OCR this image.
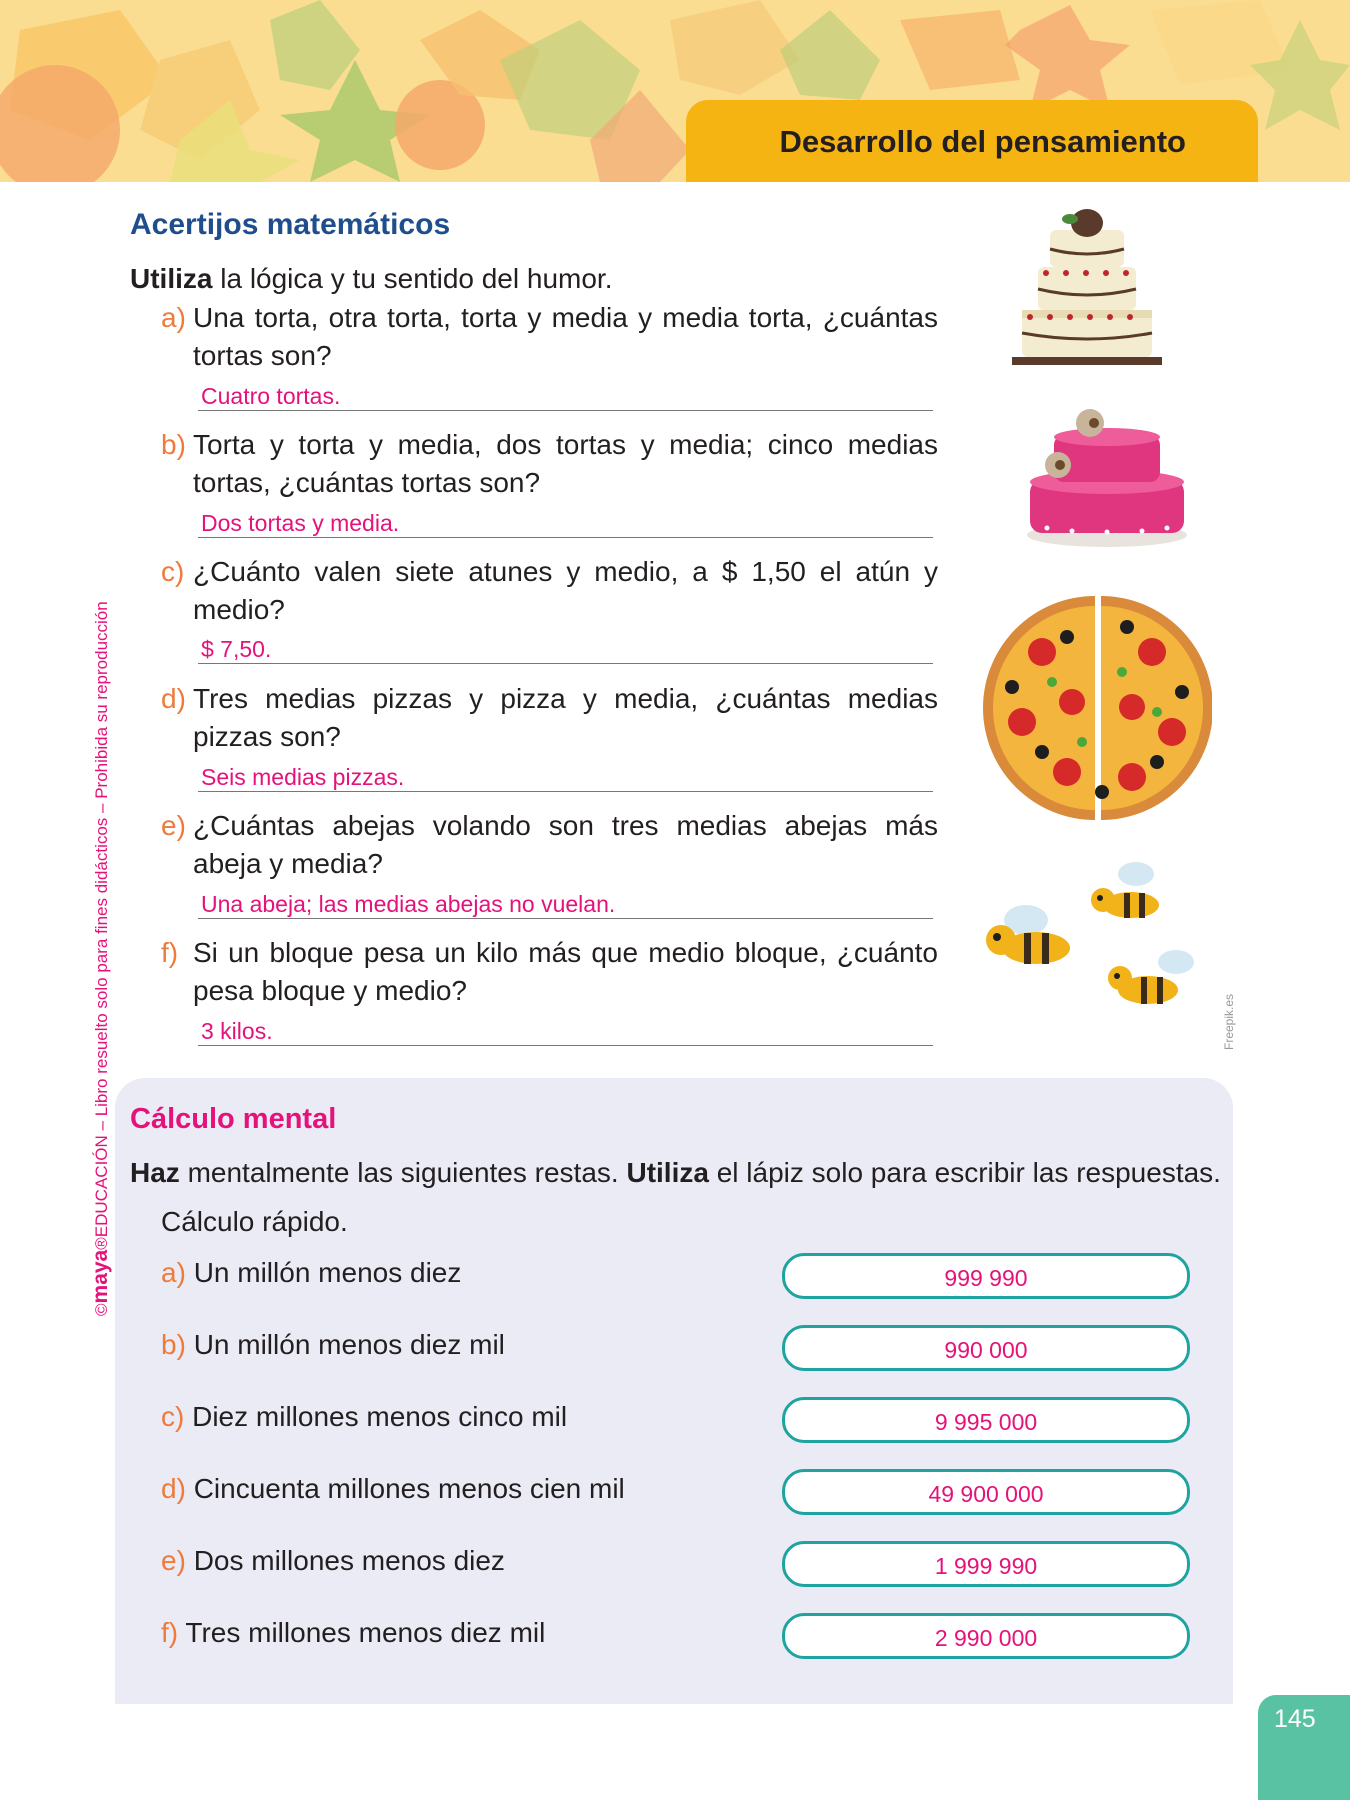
Desarrollo del pensamiento
©maya®EDUCACIÓN – Libro resuelto solo para fines didácticos – Prohibida su reproducción
Acertijos matemáticos
Utiliza la lógica y tu sentido del humor.
a) Una torta, otra torta, torta y media y media torta, ¿cuántas tortas son?
Cuatro tortas.
b) Torta y torta y media, dos tortas y media; cinco medias tortas, ¿cuántas tortas son?
Dos tortas y media.
c) ¿Cuánto valen siete atunes y medio, a $ 1,50 el atún y medio?
$ 7,50.
d) Tres medias pizzas y pizza y media, ¿cuántas medias pizzas son?
Seis medias pizzas.
e) ¿Cuántas abejas volando son tres medias abejas más abeja y media?
Una abeja; las medias abejas no vuelan.
f) Si un bloque pesa un kilo más que medio bloque, ¿cuánto pesa bloque y medio?
3 kilos.	Freepik.es
Cálculo mental
Haz mentalmente las siguientes restas. Utiliza el lápiz solo para escribir las respuestas.
Cálculo rápido.
a) Un millón menos diez	999 990
b) Un millón menos diez mil	990 000
c) Diez millones menos cinco mil	9 995 000
d) Cincuenta millones menos cien mil	49 900 000
e) Dos millones menos diez	1 999 990
f) Tres millones menos diez mil	2 990 000
145
